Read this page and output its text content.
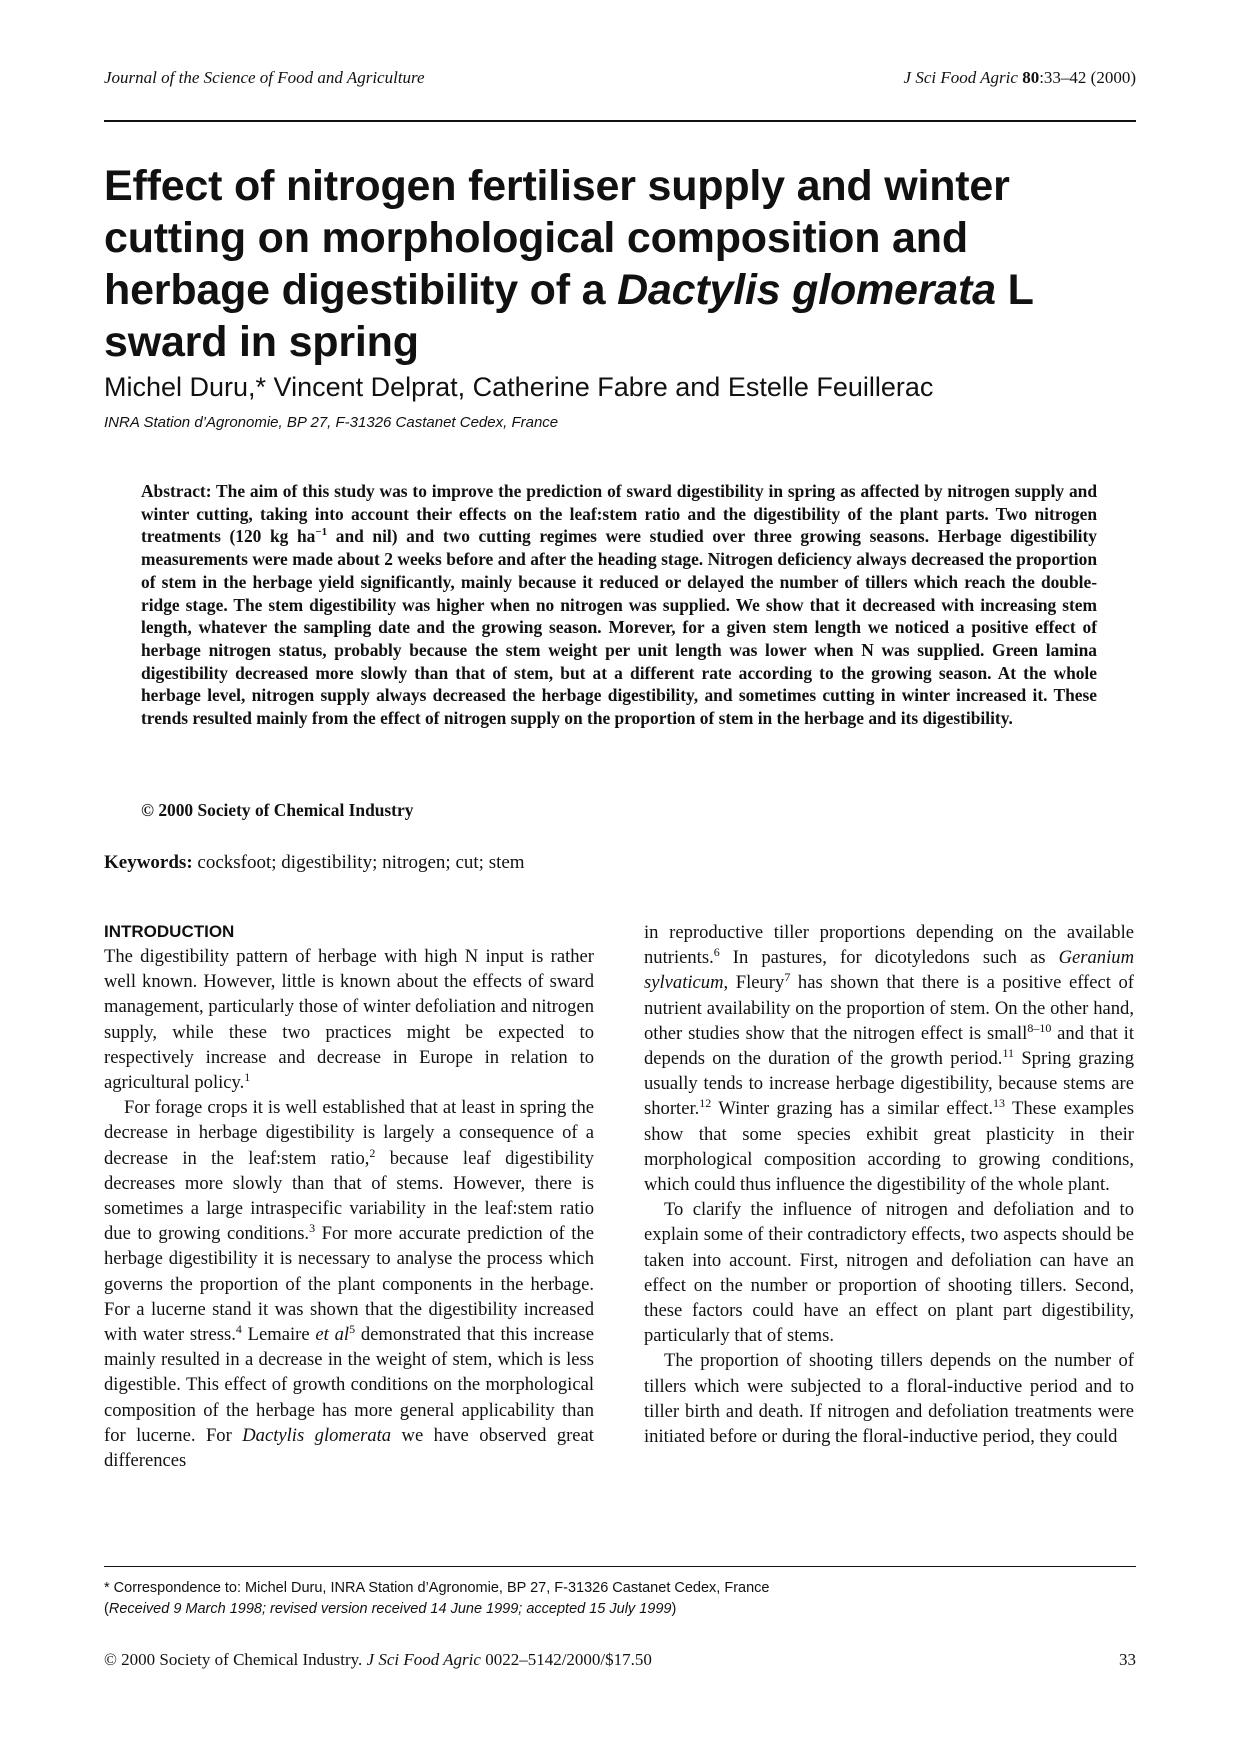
Journal of the Science of Food and Agriculture	J Sci Food Agric 80:33–42 (2000)
Effect of nitrogen fertiliser supply and winter cutting on morphological composition and herbage digestibility of a Dactylis glomerata L sward in spring
Michel Duru,* Vincent Delprat, Catherine Fabre and Estelle Feuillerac
INRA Station d’Agronomie, BP 27, F-31326 Castanet Cedex, France

Abstract: The aim of this study was to improve the prediction of sward digestibility in spring as affected by nitrogen supply and winter cutting, taking into account their effects on the leaf:stem ratio and the digestibility of the plant parts. Two nitrogen treatments (120 kg $ha^{-1}$ and nil) and two cutting regimes were studied over three growing seasons. Herbage digestibility measurements were made about 2 weeks before and after the heading stage. Nitrogen deficiency always decreased the proportion of stem in the herbage yield significantly, mainly because it reduced or delayed the number of tillers which reach the double-ridge stage. The stem digestibility was higher when no nitrogen was supplied. We show that it decreased with increasing stem length, whatever the sampling date and the growing season. Morever, for a given stem length we noticed a positive effect of herbage nitrogen status, probably because the stem weight per unit length was lower when N was supplied. Green lamina digestibility decreased more slowly than that of stem, but at a different rate according to the growing season. At the whole herbage level, nitrogen supply always decreased the herbage digestibility, and sometimes cutting in winter increased it. These trends resulted mainly from the effect of nitrogen supply on the proportion of stem in the herbage and its digestibility.

© 2000 Society of Chemical Industry
Keywords: cocksfoot; digestibility; nitrogen; cut; stem
INTRODUCTION

The digestibility pattern of herbage with high N input is rather well known. However, little is known about the effects of sward management, particularly those of winter defoliation and nitrogen supply, while these two practices might be expected to respectively increase and decrease in Europe in relation to agricultural policy.$^1$

For forage crops it is well established that at least in spring the decrease in herbage digestibility is largely a consequence of a decrease in the leaf:stem ratio,$^2$ because leaf digestibility decreases more slowly than that of stems. However, there is sometimes a large intraspecific variability in the leaf:stem ratio due to growing conditions.$^3$ For more accurate prediction of the herbage digestibility it is necessary to analyse the process which governs the proportion of the plant components in the herbage. For a lucerne stand it was shown that the digestibility increased with water stress.$^4$ Lemaire et $al^5$ demonstrated that this increase mainly resulted in a decrease in the weight of stem, which is less digestible. This effect of growth conditions on the morphological composition of the herbage has more general applicability than for lucerne. For Dactylis glomerata we have observed great differences

in reproductive tiller proportions depending on the available nutrients.$^6$ In pastures, for dicotyledons such as Geranium sylvaticum, Fleury$^7$ has shown that there is a positive effect of nutrient availability on the proportion of stem. On the other hand, other studies show that the nitrogen effect is small$^{8-10}$ and that it depends on the duration of the growth period.$^{11}$ Spring grazing usually tends to increase herbage digestibility, because stems are shorter.$^{12}$ Winter grazing has a similar effect.$^{13}$ These examples show that some species exhibit great plasticity in their morphological composition according to growing conditions, which could thus influence the digestibility of the whole plant.

To clarify the influence of nitrogen and defoliation and to explain some of their contradictory effects, two aspects should be taken into account. First, nitrogen and defoliation can have an effect on the number or proportion of shooting tillers. Second, these factors could have an effect on plant part digestibility, particularly that of stems.

The proportion of shooting tillers depends on the number of tillers which were subjected to a floral-inductive period and to tiller birth and death. If nitrogen and defoliation treatments were initiated before or during the floral-inductive period, they could

* Correspondence to: Michel Duru, INRA Station d’Agronomie, BP 27, F-31326 Castanet Cedex, France
(Received 9 March 1998; revised version received 14 June 1999; accepted 15 July 1999)
© 2000 Society of Chemical Industry. J Sci Food Agric 0022–5142/2000/$17.50	33
